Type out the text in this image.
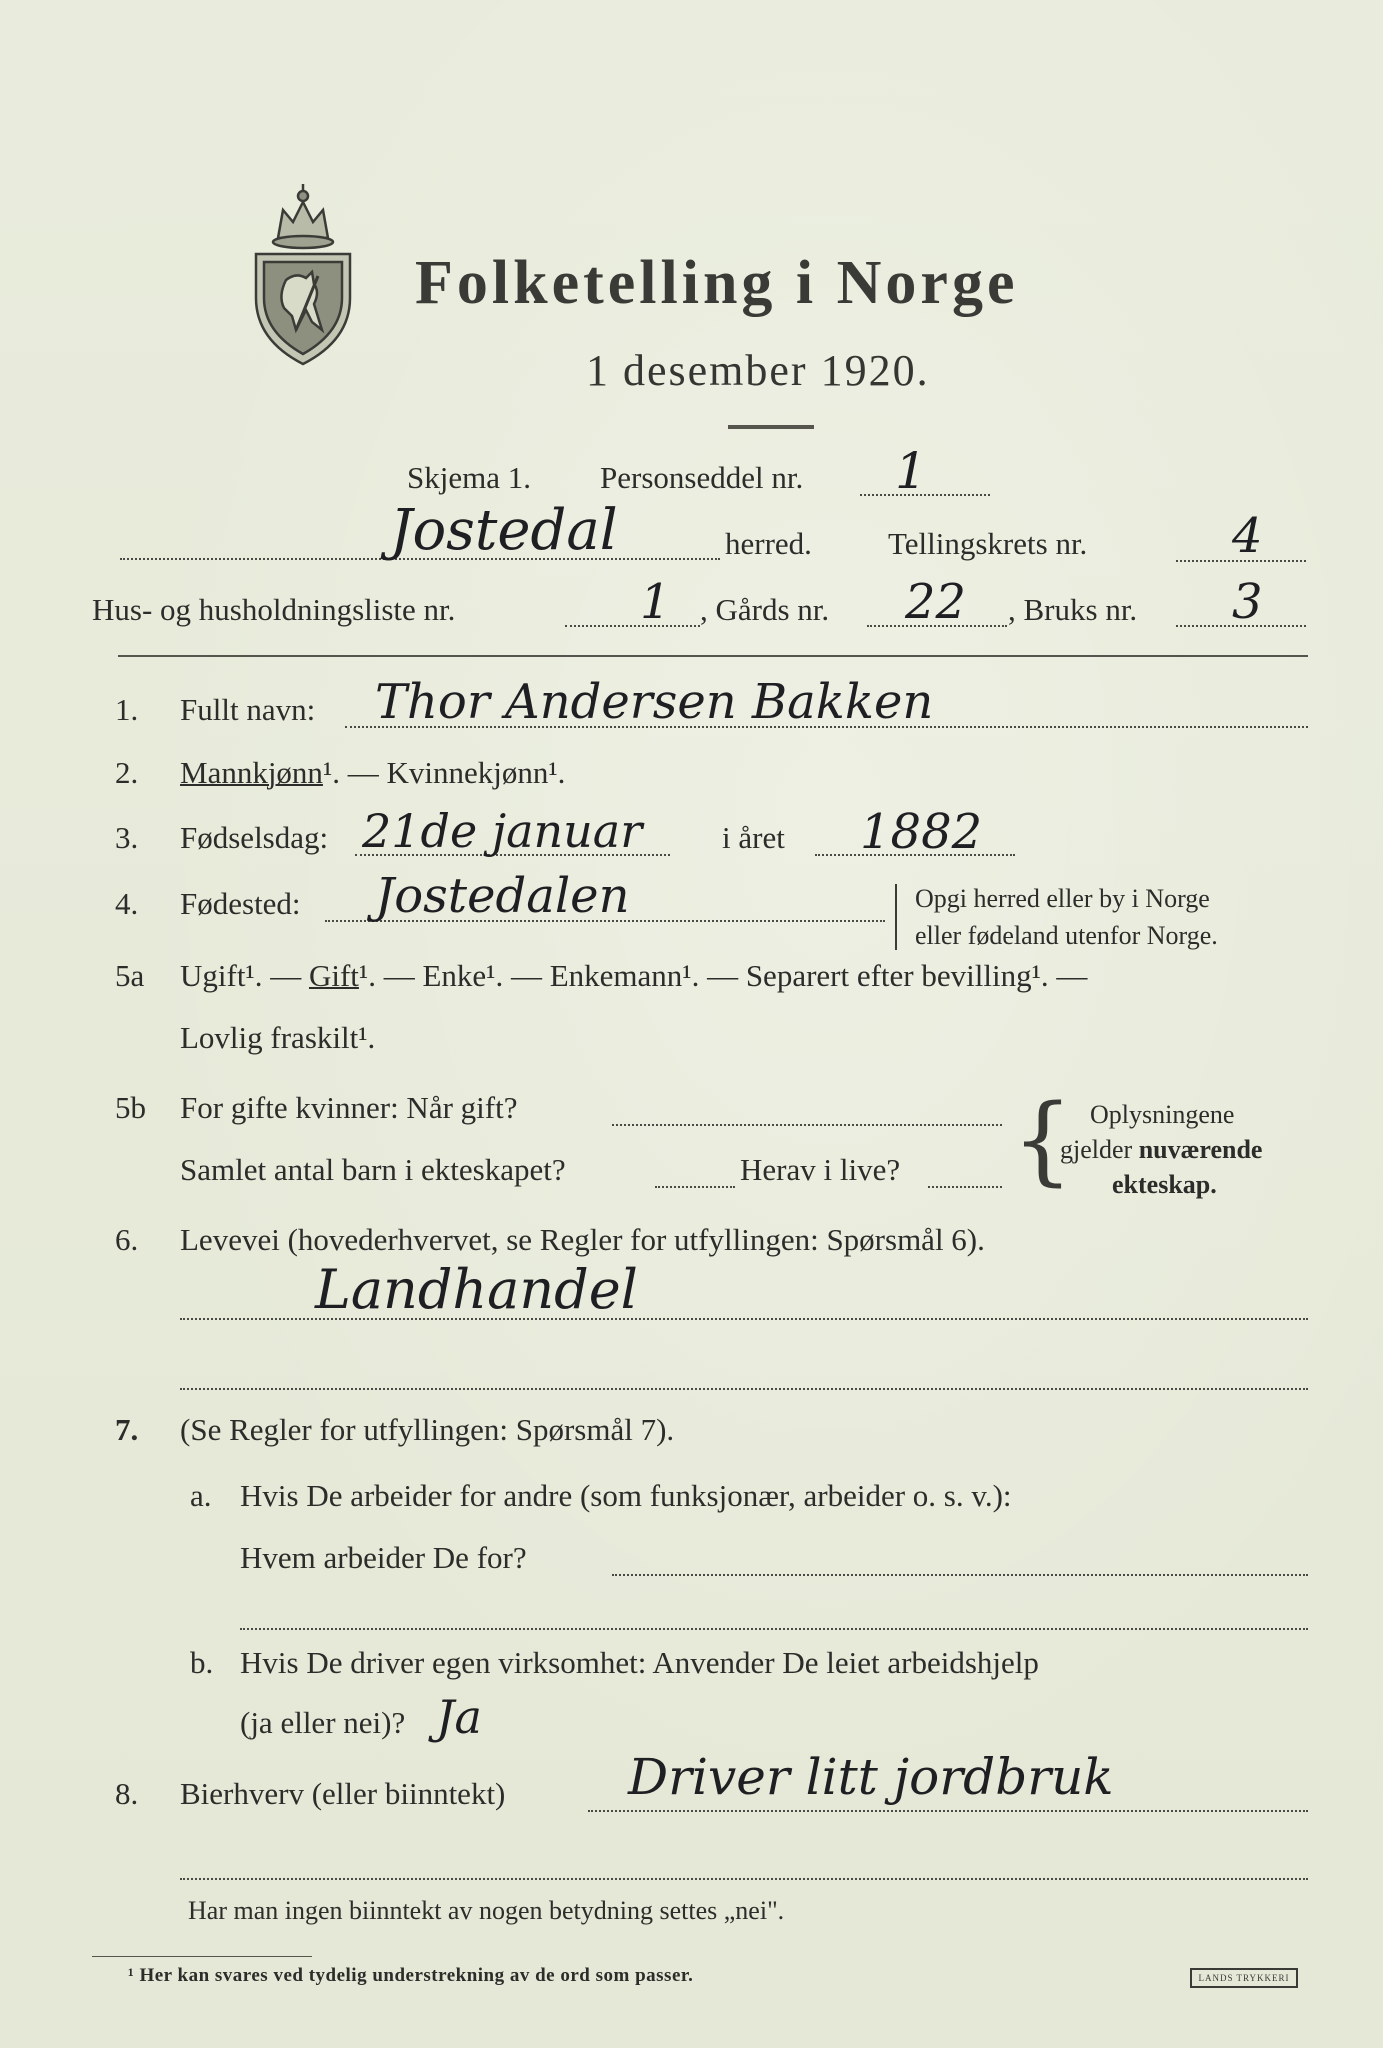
Folketelling i Norge
1 desember 1920.
Skjema 1. Personseddel nr. 1
Jostedal	herred. Tellingskrets nr.	4
Hus- og husholdningsliste nr.	1 , Gårds nr. 22 , Bruks nr. 3
1. Fullt navn: Thor Andersen Bakken
2. Mannkjønn¹. — Kvinnekjønn¹.
3. Fødselsdag: 21de januar	i året 1882
4. Fødested: Jostedalen	Opgi herred eller by i Norge
eller fødeland utenfor Norge.
5a Ugift¹. — Gift¹. — Enke¹. — Enkemann¹. — Separert efter bevilling¹. —
Lovlig fraskilt¹.
5b For gifte kvinner: Når gift?
Samlet antal barn i ekteskapet?	Herav i live? { Oplysningene
gjelder nuværende
ekteskap.
6. Levevei (hovederhvervet, se Regler for utfyllingen: Spørsmål 6).
Landhandel
7. (Se Regler for utfyllingen: Spørsmål 7).
a. Hvis De arbeider for andre (som funksjonær, arbeider o. s. v.):
Hvem arbeider De for?
b. Hvis De driver egen virksomhet: Anvender De leiet arbeidshjelp
(ja eller nei)? Ja
8. Bierhverv (eller biinntekt) Driver litt jordbruk
Har man ingen biinntekt av nogen betydning settes „nei".
¹ Her kan svares ved tydelig understrekning av de ord som passer.	LANDS TRYKKERI
